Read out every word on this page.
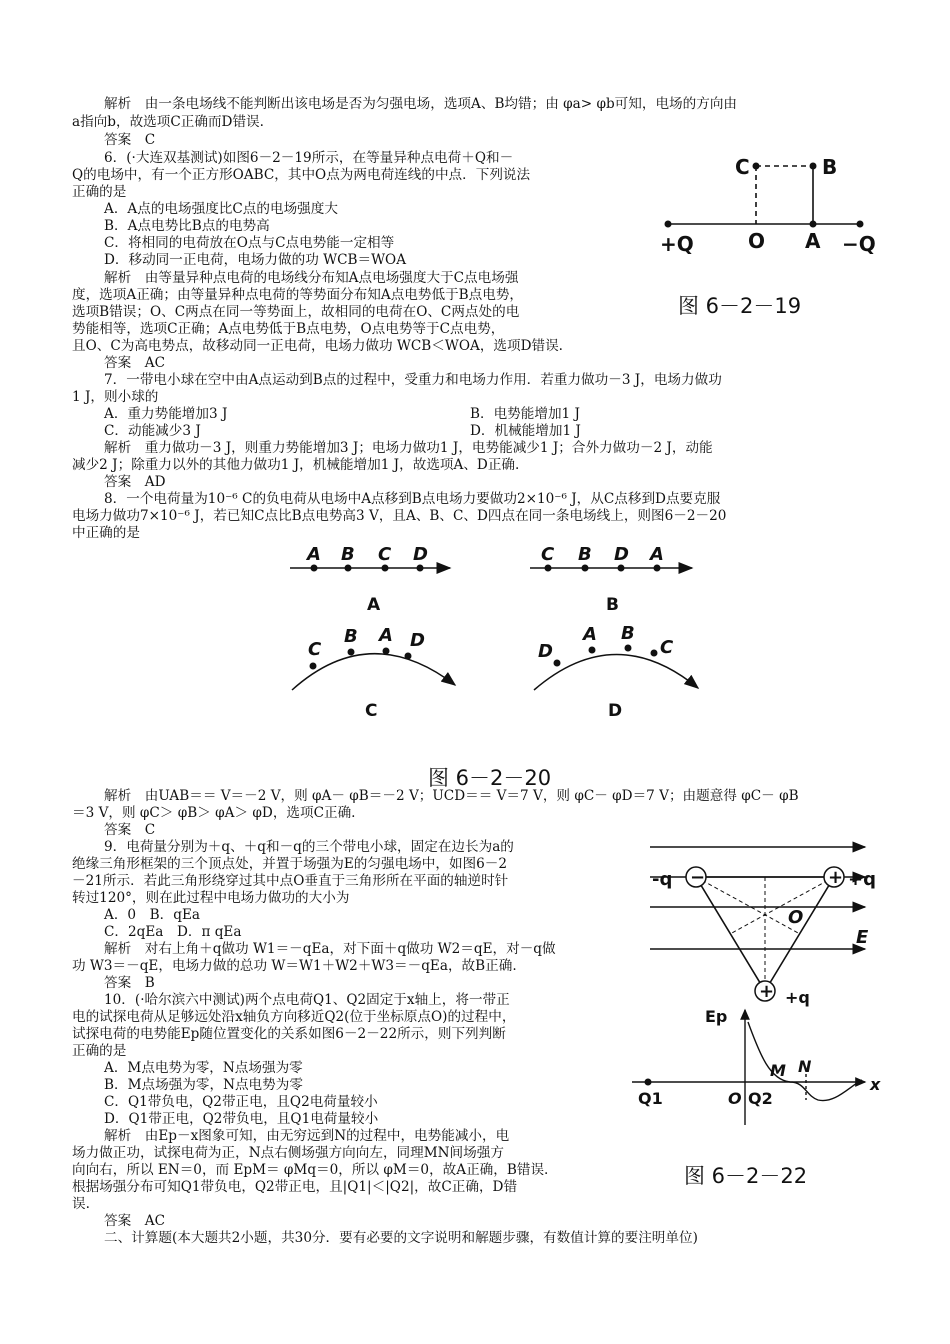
解析　由一条电场线不能判断出该电场是否为匀强电场，选项A、B均错；由 φa> φb可知，电场的方向由
a指向b，故选项C正确而D错误.
答案　C
6．(·大连双基测试)如图6－2－19所示，在等量异种点电荷＋Q和－
Q的电场中，有一个正方形OABC，其中O点为两电荷连线的中点．下列说法
正确的是
A．A点的电场强度比C点的电场强度大
B．A点电势比B点的电势高
C．将相同的电荷放在O点与C点电势能一定相等
D．移动同一正电荷，电场力做的功 WCB＝WOA
解析　由等量异种点电荷的电场线分布知A点电场强度大于C点电场强
度，选项A正确；由等量异种点电荷的等势面分布知A点电势低于B点电势，
选项B错误；O、C两点在同一等势面上，故相同的电荷在O、C两点处的电
势能相等，选项C正确；A点电势低于B点电势，O点电势等于C点电势，
且O、C为高电势点，故移动同一正电荷，电场力做功 WCB＜WOA，选项D错误.
答案　AC
7．一带电小球在空中由A点运动到B点的过程中，受重力和电场力作用．若重力做功－3 J，电场力做功
1 J，则小球的
A．重力势能增加3 J	B．电势能增加1 J
C．动能减少3 J	D．机械能增加1 J
解析　重力做功－3 J，则重力势能增加3 J；电场力做功1 J，电势能减少1 J；合外力做功－2 J，动能
减少2 J；除重力以外的其他力做功1 J，机械能增加1 J，故选项A、D正确.
答案　AD
8．一个电荷量为10⁻⁶ C的负电荷从电场中A点移到B点电场力要做功2×10⁻⁶ J，从C点移到D点要克服
电场力做功7×10⁻⁶ J，若已知C点比B点电势高3 V，且A、B、C、D四点在同一条电场线上，则图6－2－20
中正确的是
C	B
+Q	O A −Q
图 6－2－19
A B C D
A
C B D A
B
C
B A D
C
D
A B
C
D
图 6－2－20
解析　由UAB＝＝ V＝－2 V，则 φA－ φB＝－2 V；UCD＝＝ V＝7 V，则 φC－ φD＝7 V；由题意得 φC－ φB
＝3 V，则 φC＞ φB＞ φA＞ φD，选项C正确.
答案　C
9．电荷量分别为＋q、＋q和－q的三个带电小球，固定在边长为a的
绝缘三角形框架的三个顶点处，并置于场强为E的匀强电场中，如图6－2
－21所示．若此三角形绕穿过其中点O垂直于三角形所在平面的轴逆时针
转过120°，则在此过程中电场力做功的大小为
A．0　B．qEa
C．2qEa　D．π qEa
解析　对右上角＋q做功 W1＝－qEa，对下面＋q做功 W2＝qE，对－q做
功 W3＝－qE，电场力做的总功 W＝W1＋W2＋W3＝－qEa，故B正确.
答案　B
−	+
+
-q	+q
+q
O
E
10．(·哈尔滨六中测试)两个点电荷Q1、Q2固定于x轴上，将一带正
电的试探电荷从足够远处沿x轴负方向移近Q2(位于坐标原点O)的过程中，
试探电荷的电势能Ep随位置变化的关系如图6－2－22所示，则下列判断
正确的是
A．M点电势为零，N点场强为零
B．M点场强为零，N点电势为零
C．Q1带负电，Q2带正电，且Q2电荷量较小
D．Q1带正电，Q2带负电，且Q1电荷量较小
解析　由Ep－x图象可知，由无穷远到N的过程中，电势能减小，电
场力做正功，试探电荷为正，N点右侧场强方向向左，同理MN间场强方
向向右，所以 EN＝0，而 EpM＝ φMq＝0，所以 φM＝0，故A正确，B错误.
根据场强分布可知Q1带负电，Q2带正电，且|Q1|＜|Q2|，故C正确，D错
误.
答案　AC
二、计算题(本大题共2小题，共30分．要有必要的文字说明和解题步骤，有数值计算的要注明单位)
Ep
Q1	O Q2
M N
x
图 6－2－22
